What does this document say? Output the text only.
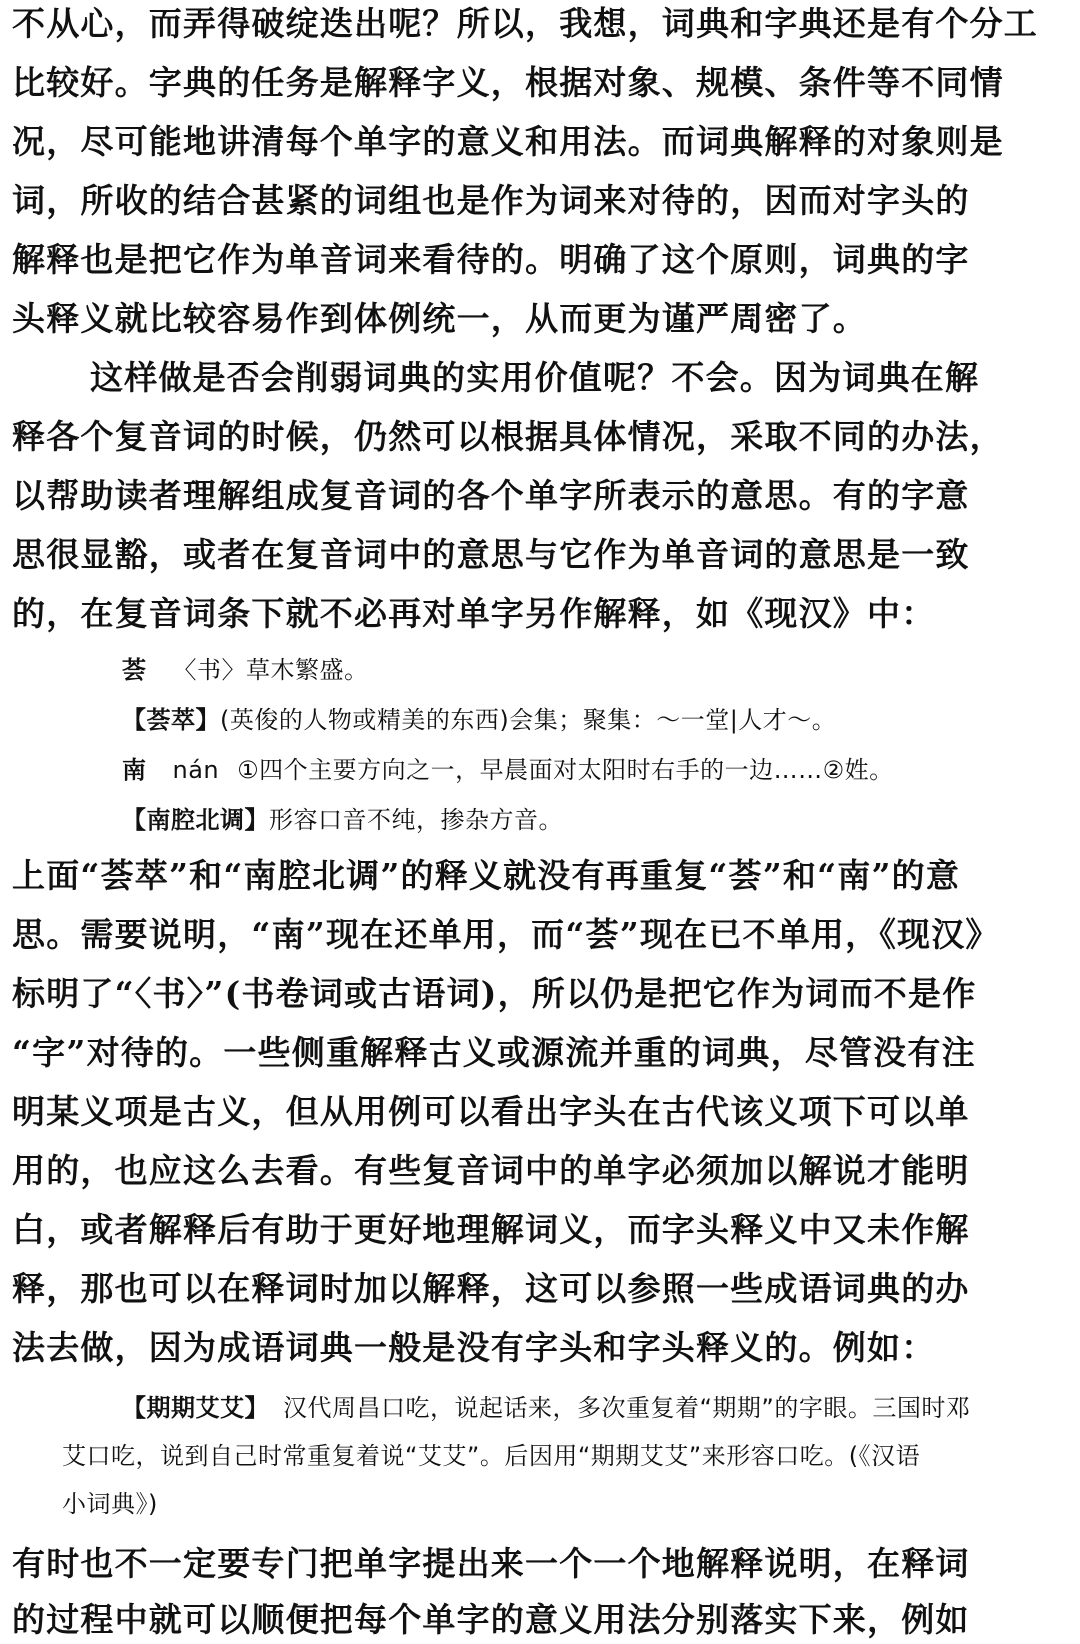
不从心，而弄得破绽迭出呢？所以，我想，词典和字典还是有个分工
比较好。字典的任务是解释字义，根据对象、规模、条件等不同情
况，尽可能地讲清每个单字的意义和用法。而词典解释的对象则是
词，所收的结合甚紧的词组也是作为词来对待的，因而对字头的
解释也是把它作为单音词来看待的。明确了这个原则，词典的字
头释义就比较容易作到体例统一，从而更为谨严周密了。
这样做是否会削弱词典的实用价值呢？不会。因为词典在解
释各个复音词的时候，仍然可以根据具体情况，采取不同的办法，
以帮助读者理解组成复音词的各个单字所表示的意思。有的字意
思很显豁，或者在复音词中的意思与它作为单音词的意思是一致
的，在复音词条下就不必再对单字另作解释，如《现汉》中：
荟 〈书〉草木繁盛。
【荟萃】(英俊的人物或精美的东西)会集；聚集：～一堂|人才～。
南 nán ①四个主要方向之一，早晨面对太阳时右手的一边……②姓。
【南腔北调】形容口音不纯，掺杂方音。
上面“荟萃”和“南腔北调”的释义就没有再重复“荟”和“南”的意
思。需要说明，“南”现在还单用，而“荟”现在已不单用，《现汉》
标明了“〈书〉”(书卷词或古语词)，所以仍是把它作为词而不是作
“字”对待的。一些侧重解释古义或源流并重的词典，尽管没有注
明某义项是古义，但从用例可以看出字头在古代该义项下可以单
用的，也应这么去看。有些复音词中的单字必须加以解说才能明
白，或者解释后有助于更好地理解词义，而字头释义中又未作解
释，那也可以在释词时加以解释，这可以参照一些成语词典的办
法去做，因为成语词典一般是没有字头和字头释义的。例如：
【期期艾艾】 汉代周昌口吃，说起话来，多次重复着“期期”的字眼。三国时邓
艾口吃，说到自己时常重复着说“艾艾”。后因用“期期艾艾”来形容口吃。(《汉语
小词典》)
有时也不一定要专门把单字提出来一个一个地解释说明，在释词
的过程中就可以顺便把每个单字的意义用法分别落实下来，例如
